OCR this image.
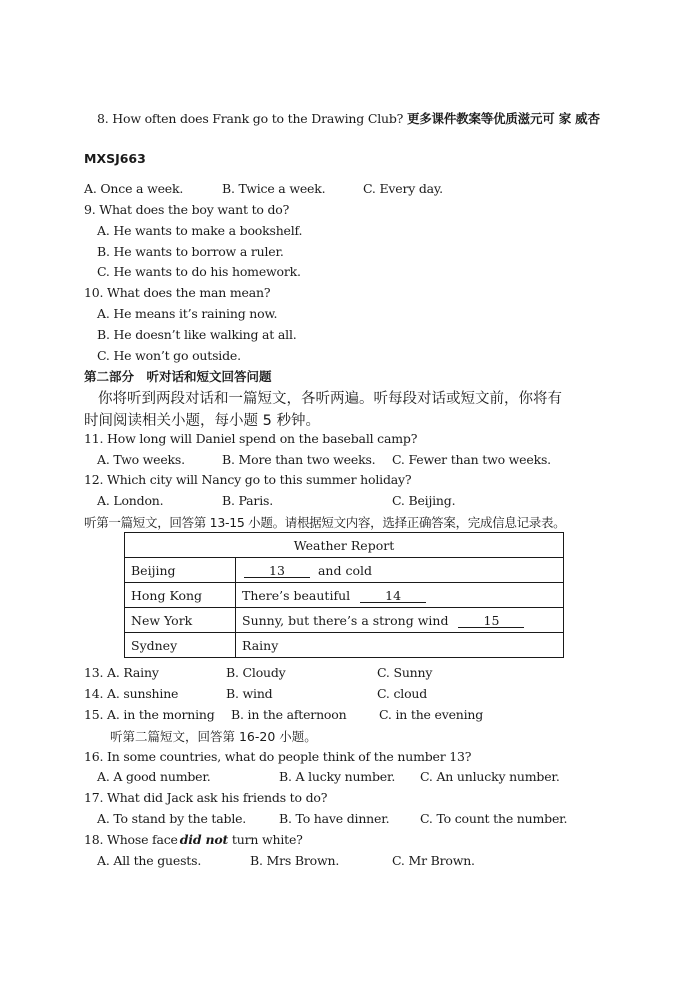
8. How often does Frank go to the Drawing Club? 更多课件教案等优质滋元可 家 威杏
MXSJ663
A. Once a week.	B. Twice a week.	C. Every day.
9. What does the boy want to do?
A. He wants to make a bookshelf.
B. He wants to borrow a ruler.
C. He wants to do his homework.
10. What does the man mean?
A. He means it’s raining now.
B. He doesn’t like walking at all.
C. He won’t go outside.
第二部分　听对话和短文回答问题
你将听到两段对话和一篇短文，各听两遍。听每段对话或短文前，你将有
时间阅读相关小题，每小题 5 秒钟。
11. How long will Daniel spend on the baseball camp?
A. Two weeks.	B. More than two weeks. C. Fewer than two weeks.
12. Which city will Nancy go to this summer holiday?
A. London.	B. Paris.	C. Beijing.
听第一篇短文，回答第 13-15 小题。请根据短文内容，选择正确答案，完成信息记录表。
Weather Report	
Beijing	13 and cold
Hong Kong	There’s beautiful 14
New York	Sunny, but there’s a strong wind 15
Sydney	Rainy
13. A. Rainy	B. Cloudy	C. Sunny
14. A. sunshine	B. wind	C. cloud
15. A. in the morning B. in the afternoon	C. in the evening
听第二篇短文，回答第 16-20 小题。
16. In some countries, what do people think of the number 13?
A. A good number.	B. A lucky number. C. An unlucky number.
17. What did Jack ask his friends to do?
A. To stand by the table.	B. To have dinner. C. To count the number.
18. Whose face did not turn white?
A. All the guests.	B. Mrs Brown.	C. Mr Brown.
